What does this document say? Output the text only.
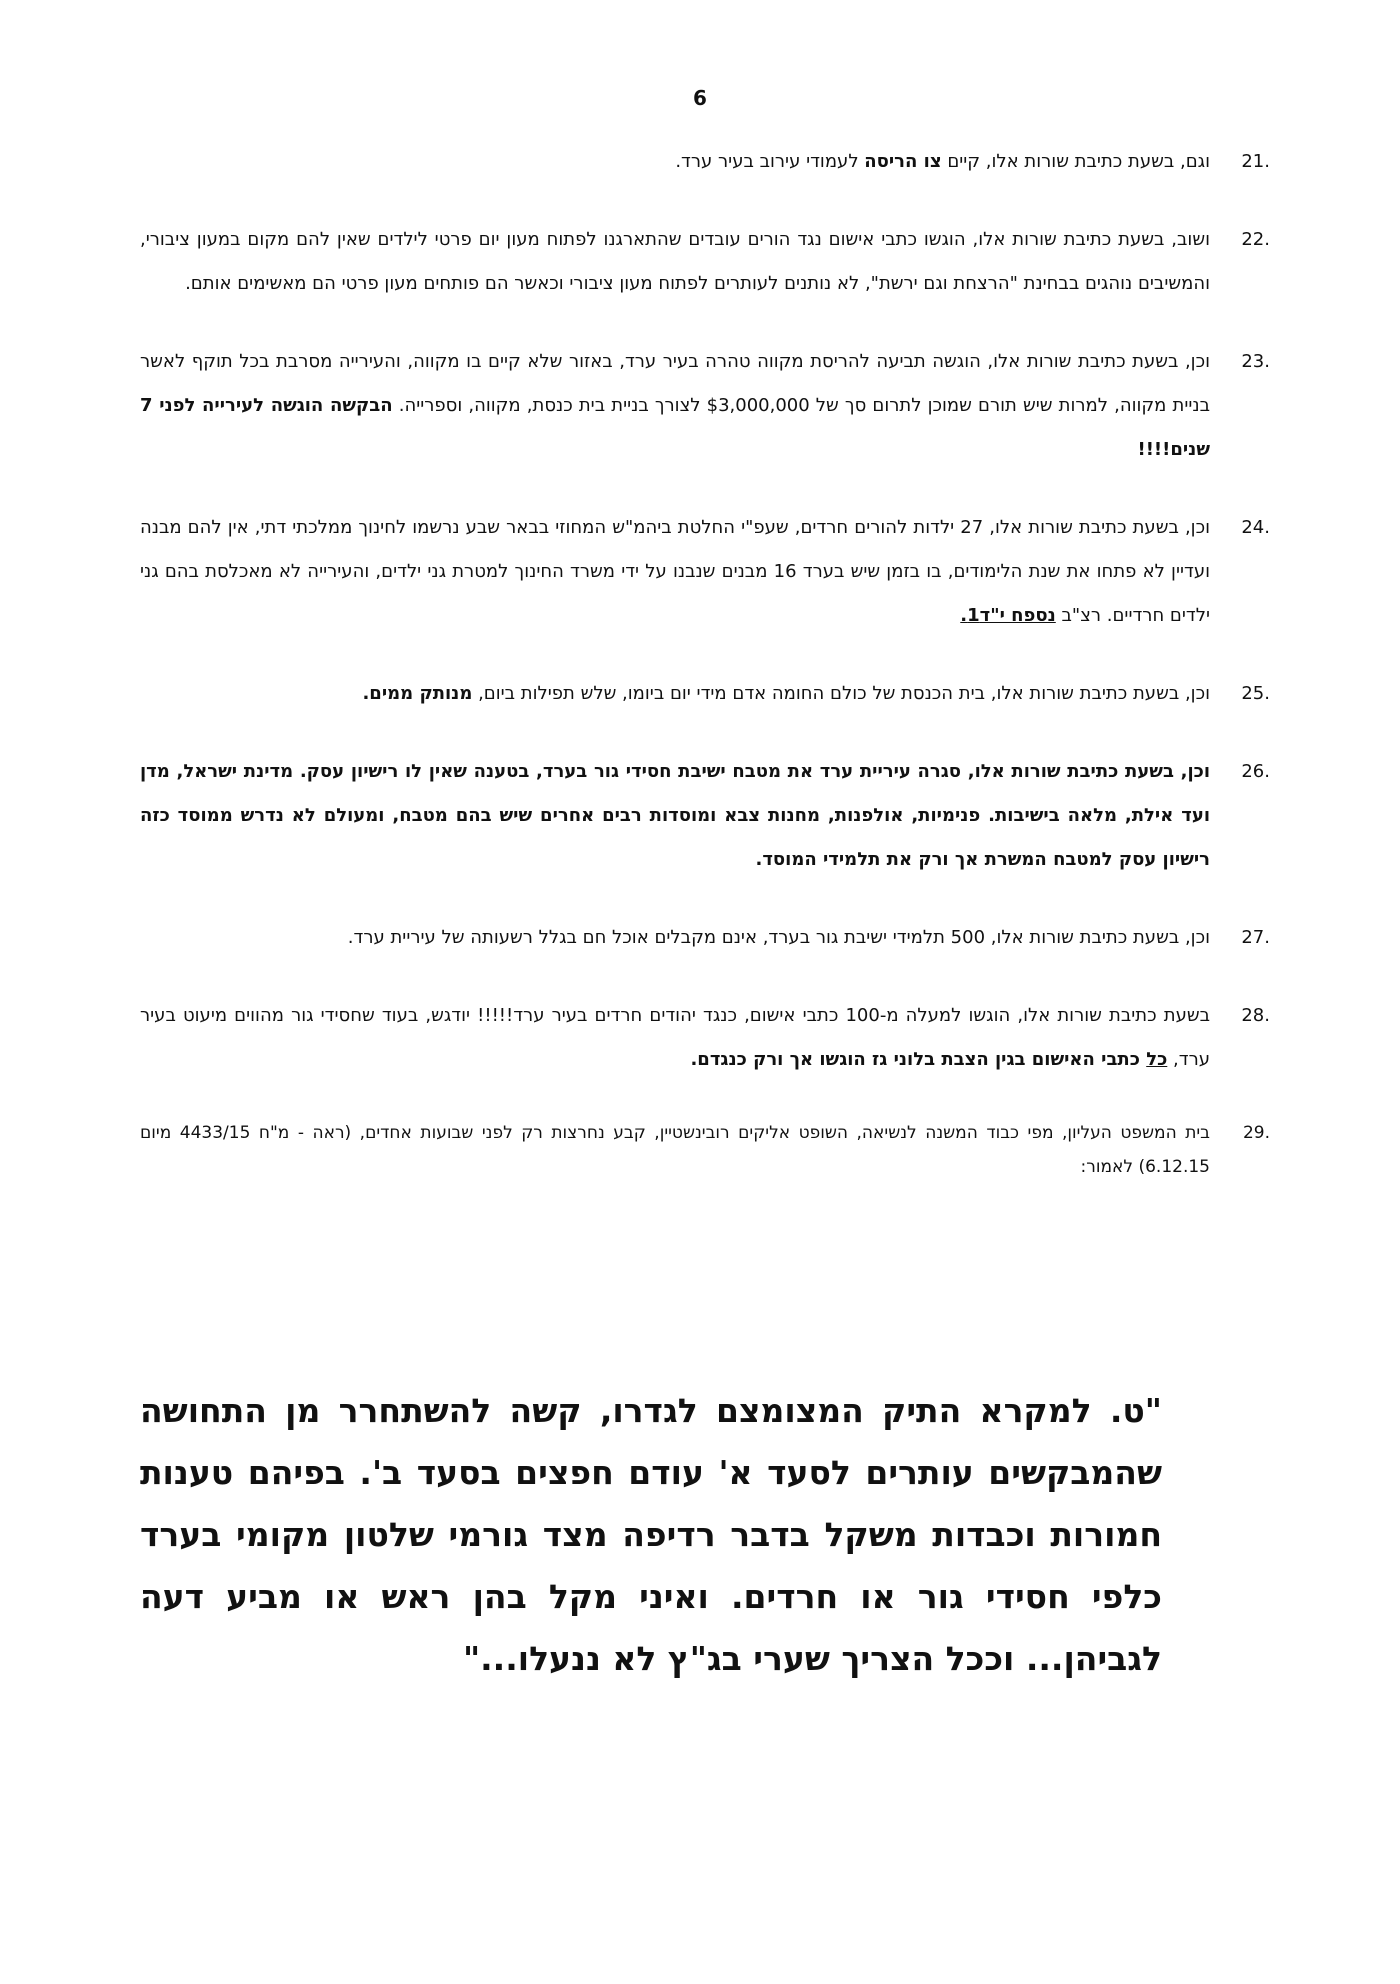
6
21.
וגם, בשעת כתיבת שורות אלו, קיים צו הריסה לעמודי עירוב בעיר ערד.
22.
ושוב, בשעת כתיבת שורות אלו, הוגשו כתבי אישום נגד הורים עובדים שהתארגנו לפתוח מעון יום פרטי לילדים שאין להם מקום במעון ציבורי, והמשיבים נוהגים בבחינת "הרצחת וגם ירשת", לא נותנים לעותרים לפתוח מעון ציבורי וכאשר הם פותחים מעון פרטי הם מאשימים אותם.
23.
וכן, בשעת כתיבת שורות אלו, הוגשה תביעה להריסת מקווה טהרה בעיר ערד, באזור שלא קיים בו מקווה, והעירייה מסרבת בכל תוקף לאשר בניית מקווה, למרות שיש תורם שמוכן לתרום סך של $3,000,000 לצורך בניית בית כנסת, מקווה, וספרייה. הבקשה הוגשה לעירייה לפני 7 שנים!!!!
24.
וכן, בשעת כתיבת שורות אלו, 27 ילדות להורים חרדים, שעפ"י החלטת ביהמ"ש המחוזי בבאר שבע נרשמו לחינוך ממלכתי דתי, אין להם מבנה ועדיין לא פתחו את שנת הלימודים, בו בזמן שיש בערד 16 מבנים שנבנו על ידי משרד החינוך למטרת גני ילדים, והעירייה לא מאכלסת בהם גני ילדים חרדיים. רצ"ב נספח י"ד1.
25.
וכן, בשעת כתיבת שורות אלו, בית הכנסת של כולם החומה אדם מידי יום ביומו, שלש תפילות ביום, מנותק ממים.
26.
וכן, בשעת כתיבת שורות אלו, סגרה עיריית ערד את מטבח ישיבת חסידי גור בערד, בטענה שאין לו רישיון עסק. מדינת ישראל, מדן ועד אילת, מלאה בישיבות. פנימיות, אולפנות, מחנות צבא ומוסדות רבים אחרים שיש בהם מטבח, ומעולם לא נדרש ממוסד כזה רישיון עסק למטבח המשרת אך ורק את תלמידי המוסד.
27.
וכן, בשעת כתיבת שורות אלו, 500 תלמידי ישיבת גור בערד, אינם מקבלים אוכל חם בגלל רשעותה של עיריית ערד.
28.
בשעת כתיבת שורות אלו, הוגשו למעלה מ-100 כתבי אישום, כנגד יהודים חרדים בעיר ערד!!!!! יודגש, בעוד שחסידי גור מהווים מיעוט בעיר ערד, כל כתבי האישום בגין הצבת בלוני גז הוגשו אך ורק כנגדם.
29.
בית המשפט העליון, מפי כבוד המשנה לנשיאה, השופט אליקים רובינשטיין, קבע נחרצות רק לפני שבועות אחדים, (ראה - מ"ח 4433/15 מיום 6.12.15) לאמור:
"ט. למקרא התיק המצומצם לגדרו, קשה להשתחרר מן התחושה שהמבקשים עותרים לסעד א' עודם חפצים בסעד ב'. בפיהם טענות חמורות וכבדות משקל בדבר רדיפה מצד גורמי שלטון מקומי בערד כלפי חסידי גור או חרדים. ואיני מקל בהן ראש או מביע דעה לגביהן... וככל הצריך שערי בג"ץ לא ננעלו..."
